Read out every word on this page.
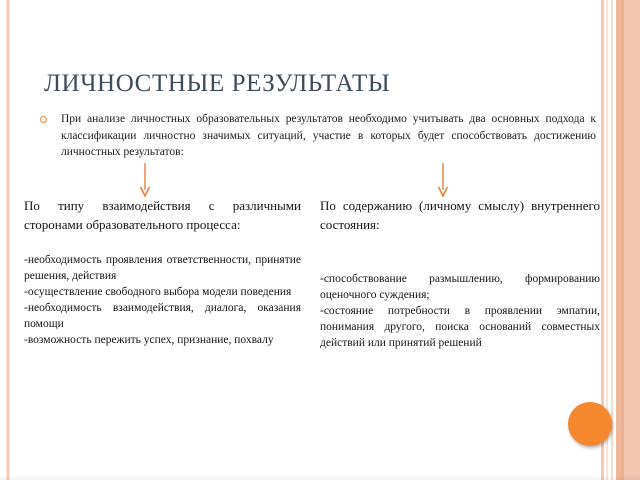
ЛИЧНОСТНЫЕ РЕЗУЛЬТАТЫ
При анализе личностных образовательных результатов необходимо учитывать два основных подхода к классификации личностно значимых ситуаций, участие в которых будет способствовать достижению личностных результатов:
По типу взаимодействия с различными сторонами образовательного процесса:
-необходимость проявления ответственности, принятие решения, действия
-осуществление свободного выбора модели поведения
-необходимость взаимодействия, диалога, оказания помощи
-возможность пережить успех, признание, похвалу
По содержанию (личному смыслу) внутреннего состояния:
-способствование размышлению, формированию оценочного суждения;
-состояние потребности в проявлении эмпатии, понимания другого, поиска оснований совместных действий или принятий решений
